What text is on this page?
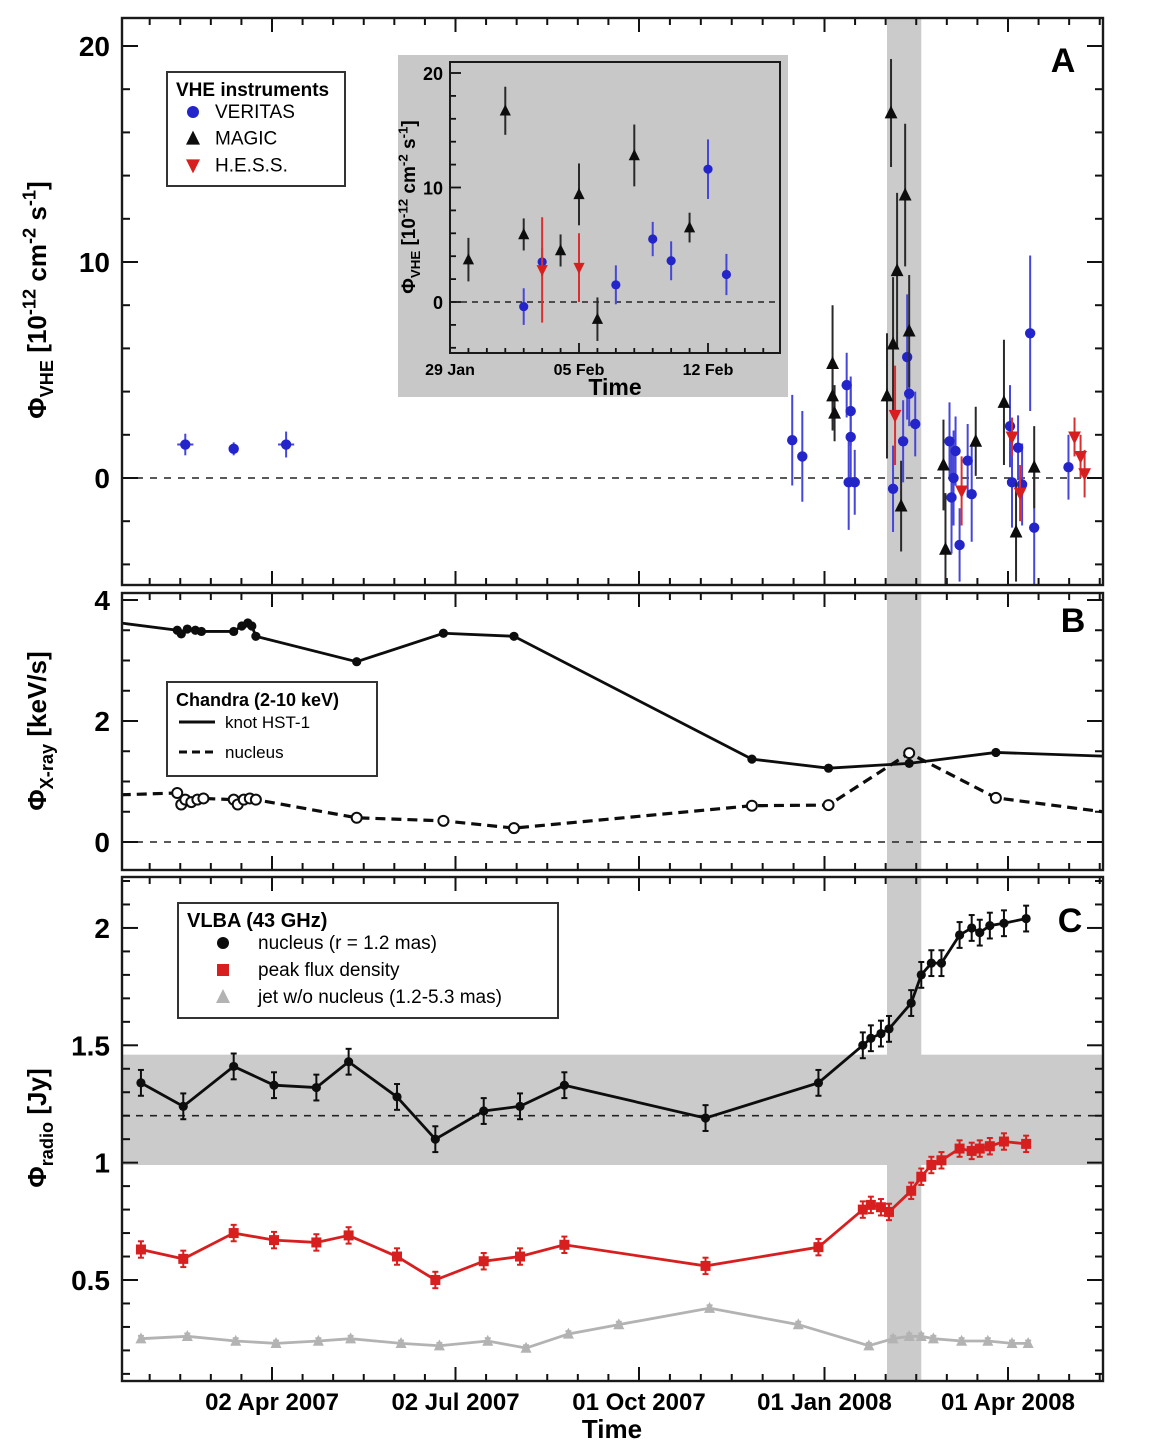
0
10
20	A
0
2
4
B
0.5
1
1.5
2	C
0
10
20
29 Jan	05 Feb	12 Feb
$\Phi_{VHE}$ [$10^{-12}$ $cm^{-2}$ $s^{-1}$]
Time
VHE instruments
VERITAS
MAGIC
H.E.S.S.
Chandra (2-10 keV)
knot HST-1
nucleus
VLBA (43 GHz)
nucleus (r = 1.2 mas)
peak flux density
jet w/o nucleus (1.2-5.3 mas)
02 Apr 2007 02 Jul 2007 01 Oct 2007 01 Jan 2008 01 Apr 2008
Time
$\Phi_{VHE}$ [$10^{-12}$ $cm^{-2}$ $s^{-1}$]
$\Phi_{X-ray}$ [keV/s]
$\Phi_{radio}$ [Jy]
